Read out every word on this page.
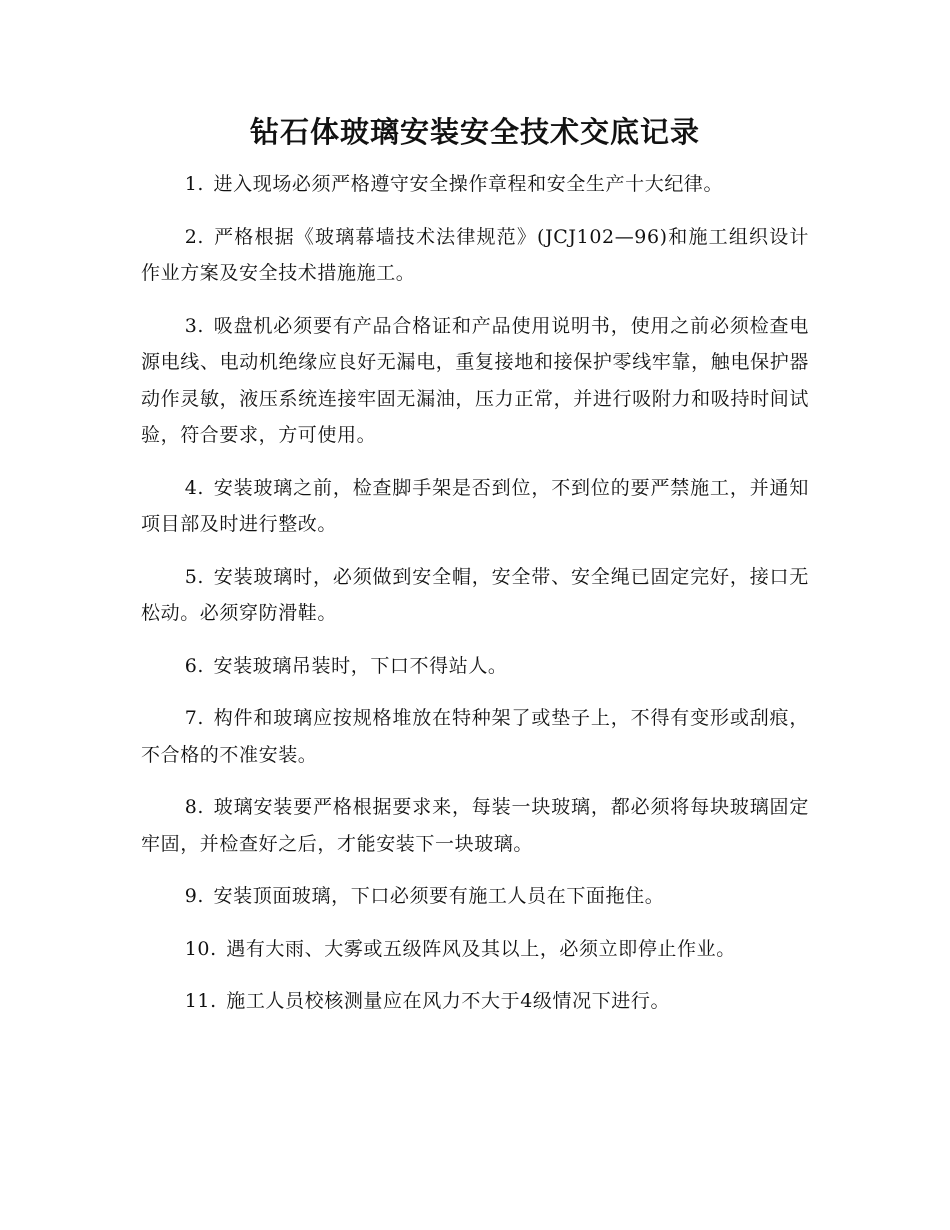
钻石体玻璃安装安全技术交底记录

1. 进入现场必须严格遵守安全操作章程和安全生产十大纪律。

2. 严格根据《玻璃幕墙技术法律规范》(JCJ102—96)和施工组织设计作业方案及安全技术措施施工。

3. 吸盘机必须要有产品合格证和产品使用说明书，使用之前必须检查电源电线、电动机绝缘应良好无漏电，重复接地和接保护零线牢靠，触电保护器动作灵敏，液压系统连接牢固无漏油，压力正常，并进行吸附力和吸持时间试验，符合要求，方可使用。

4. 安装玻璃之前，检查脚手架是否到位，不到位的要严禁施工，并通知项目部及时进行整改。

5. 安装玻璃时，必须做到安全帽，安全带、安全绳已固定完好，接口无松动。必须穿防滑鞋。

6. 安装玻璃吊装时，下口不得站人。

7. 构件和玻璃应按规格堆放在特种架了或垫子上，不得有变形或刮痕，不合格的不准安装。

8. 玻璃安装要严格根据要求来，每装一块玻璃，都必须将每块玻璃固定牢固，并检查好之后，才能安装下一块玻璃。

9. 安装顶面玻璃，下口必须要有施工人员在下面拖住。

10. 遇有大雨、大雾或五级阵风及其以上，必须立即停止作业。

11. 施工人员校核测量应在风力不大于4级情况下进行。
